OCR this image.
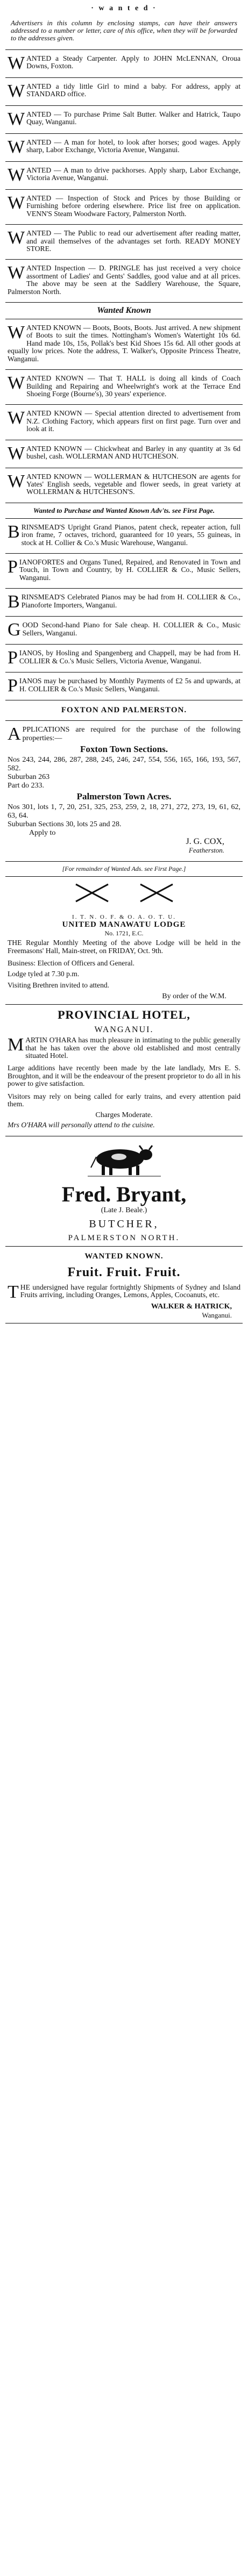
· w a n t e d ·
Advertisers in this column by enclosing stamps, can have their answers addressed to a number or letter, care of this office, when they will be forwarded to the addresses given.
WANTED a Steady Carpenter. Apply to JOHN McLENNAN, Oroua Downs, Foxton.
WANTED a tidy little Girl to mind a baby. For address, apply at STANDARD office.
WANTED — To purchase Prime Salt Butter. Walker and Hatrick, Taupo Quay, Wanganui.
WANTED — A man for hotel, to look after horses; good wages. Apply sharp, Labor Exchange, Victoria Avenue, Wanganui.
WANTED — A man to drive packhorses. Apply sharp, Labor Exchange, Victoria Avenue, Wanganui.
WANTED — Inspection of Stock and Prices by those Building or Furnishing before ordering elsewhere. Price list free on application. VENN'S Steam Woodware Factory, Palmerston North.
WANTED — The Public to read our advertisement after reading matter, and avail themselves of the advantages set forth. READY MONEY STORE.
WANTED Inspection — D. PRINGLE has just received a very choice assortment of Ladies' and Gents' Saddles, good value and at all prices. The above may be seen at the Saddlery Warehouse, the Square, Palmerston North.
Wanted Known
WANTED KNOWN — Boots, Boots, Boots. Just arrived. A new shipment of Boots to suit the times. Nottingham's Women's Watertight 10s 6d. Hand made 10s, 15s, Pollak's best Kid Shoes 15s 6d. All other goods at equally low prices. Note the address, T. Walker's, Opposite Princess Theatre, Wanganui.
WANTED KNOWN — That T. HALL is doing all kinds of Coach Building and Repairing and Wheelwright's work at the Terrace End Shoeing Forge (Bourne's), 30 years' experience.
WANTED KNOWN — Special attention directed to advertisement from N.Z. Clothing Factory, which appears first on first page. Turn over and look at it.
WANTED KNOWN — Chickwheat and Barley in any quantity at 3s 6d bushel, cash. WOLLERMAN AND HUTCHESON.
WANTED KNOWN — WOLLERMAN & HUTCHESON are agents for Yates' English seeds, vegetable and flower seeds, in great variety at WOLLERMAN & HUTCHESON'S.
Wanted to Purchase and Wanted Known Adv'ts. see First Page.
BRINSMEAD'S Upright Grand Pianos, patent check, repeater action, full iron frame, 7 octaves, trichord, guaranteed for 10 years, 55 guineas, in stock at H. Collier & Co.'s Music Warehouse, Wanganui.
PIANOFORTES and Organs Tuned, Repaired, and Renovated in Town and Touch, in Town and Country, by H. COLLIER & Co., Music Sellers, Wanganui.
BRINSMEAD'S Celebrated Pianos may be had from H. COLLIER & Co., Pianoforte Importers, Wanganui.
GOOD Second-hand Piano for Sale cheap. H. COLLIER & Co., Music Sellers, Wanganui.
PIANOS, by Hosling and Spangenberg and Chappell, may be had from H. COLLIER & Co.'s Music Sellers, Victoria Avenue, Wanganui.
PIANOS may be purchased by Monthly Payments of £2 5s and upwards, at H. COLLIER & Co.'s Music Sellers, Wanganui.
FOXTON AND PALMERSTON.
A PPLICATIONS are required for the purchase of the following properties:—
Foxton Town Sections.
Nos 243, 244, 286, 287, 288, 245, 246, 247, 554, 556, 165, 166, 193, 567, 582.
Suburban 263
Part do 233.
Palmerston Town Acres.
Nos 301, lots 1, 7, 20, 251, 325, 253, 259, 2, 18, 271, 272, 273, 19, 61, 62, 63, 64.
Suburban Sections 30, lots 25 and 28.
Apply to
J. G. COX,
Featherston.
[For remainder of Wanted Ads. see First Page.]
I. T. N. O. F. & O. A. O. T. U.
UNITED MANAWATU LODGE
No. 1721, E.C.
THE Regular Monthly Meeting of the above Lodge will be held in the Freemasons' Hall, Main-street, on FRIDAY, Oct. 9th.
Business: Election of Officers and General.
Lodge tyled at 7.30 p.m.
Visiting Brethren invited to attend.
By order of the W.M.
PROVINCIAL HOTEL,
WANGANUI.
M ARTIN O'HARA has much pleasure in intimating to the public generally that he has taken over the above old established and most centrally situated Hotel.
Large additions have recently been made by the late landlady, Mrs E. S. Broughton, and it will be the endeavour of the present proprietor to do all in his power to give satisfaction.
Visitors may rely on being called for early trains, and every attention paid them.
Charges Moderate.
Mrs O'HARA will personally attend to the cuisine.
Fred. Bryant,
(Late J. Beale.)
BUTCHER,
PALMERSTON NORTH.
WANTED KNOWN.
Fruit. Fruit. Fruit.
T HE undersigned have regular fortnightly Shipments of Sydney and Island Fruits arriving, including Oranges, Lemons, Apples, Cocoanuts, etc.
WALKER & HATRICK,
Wanganui.
